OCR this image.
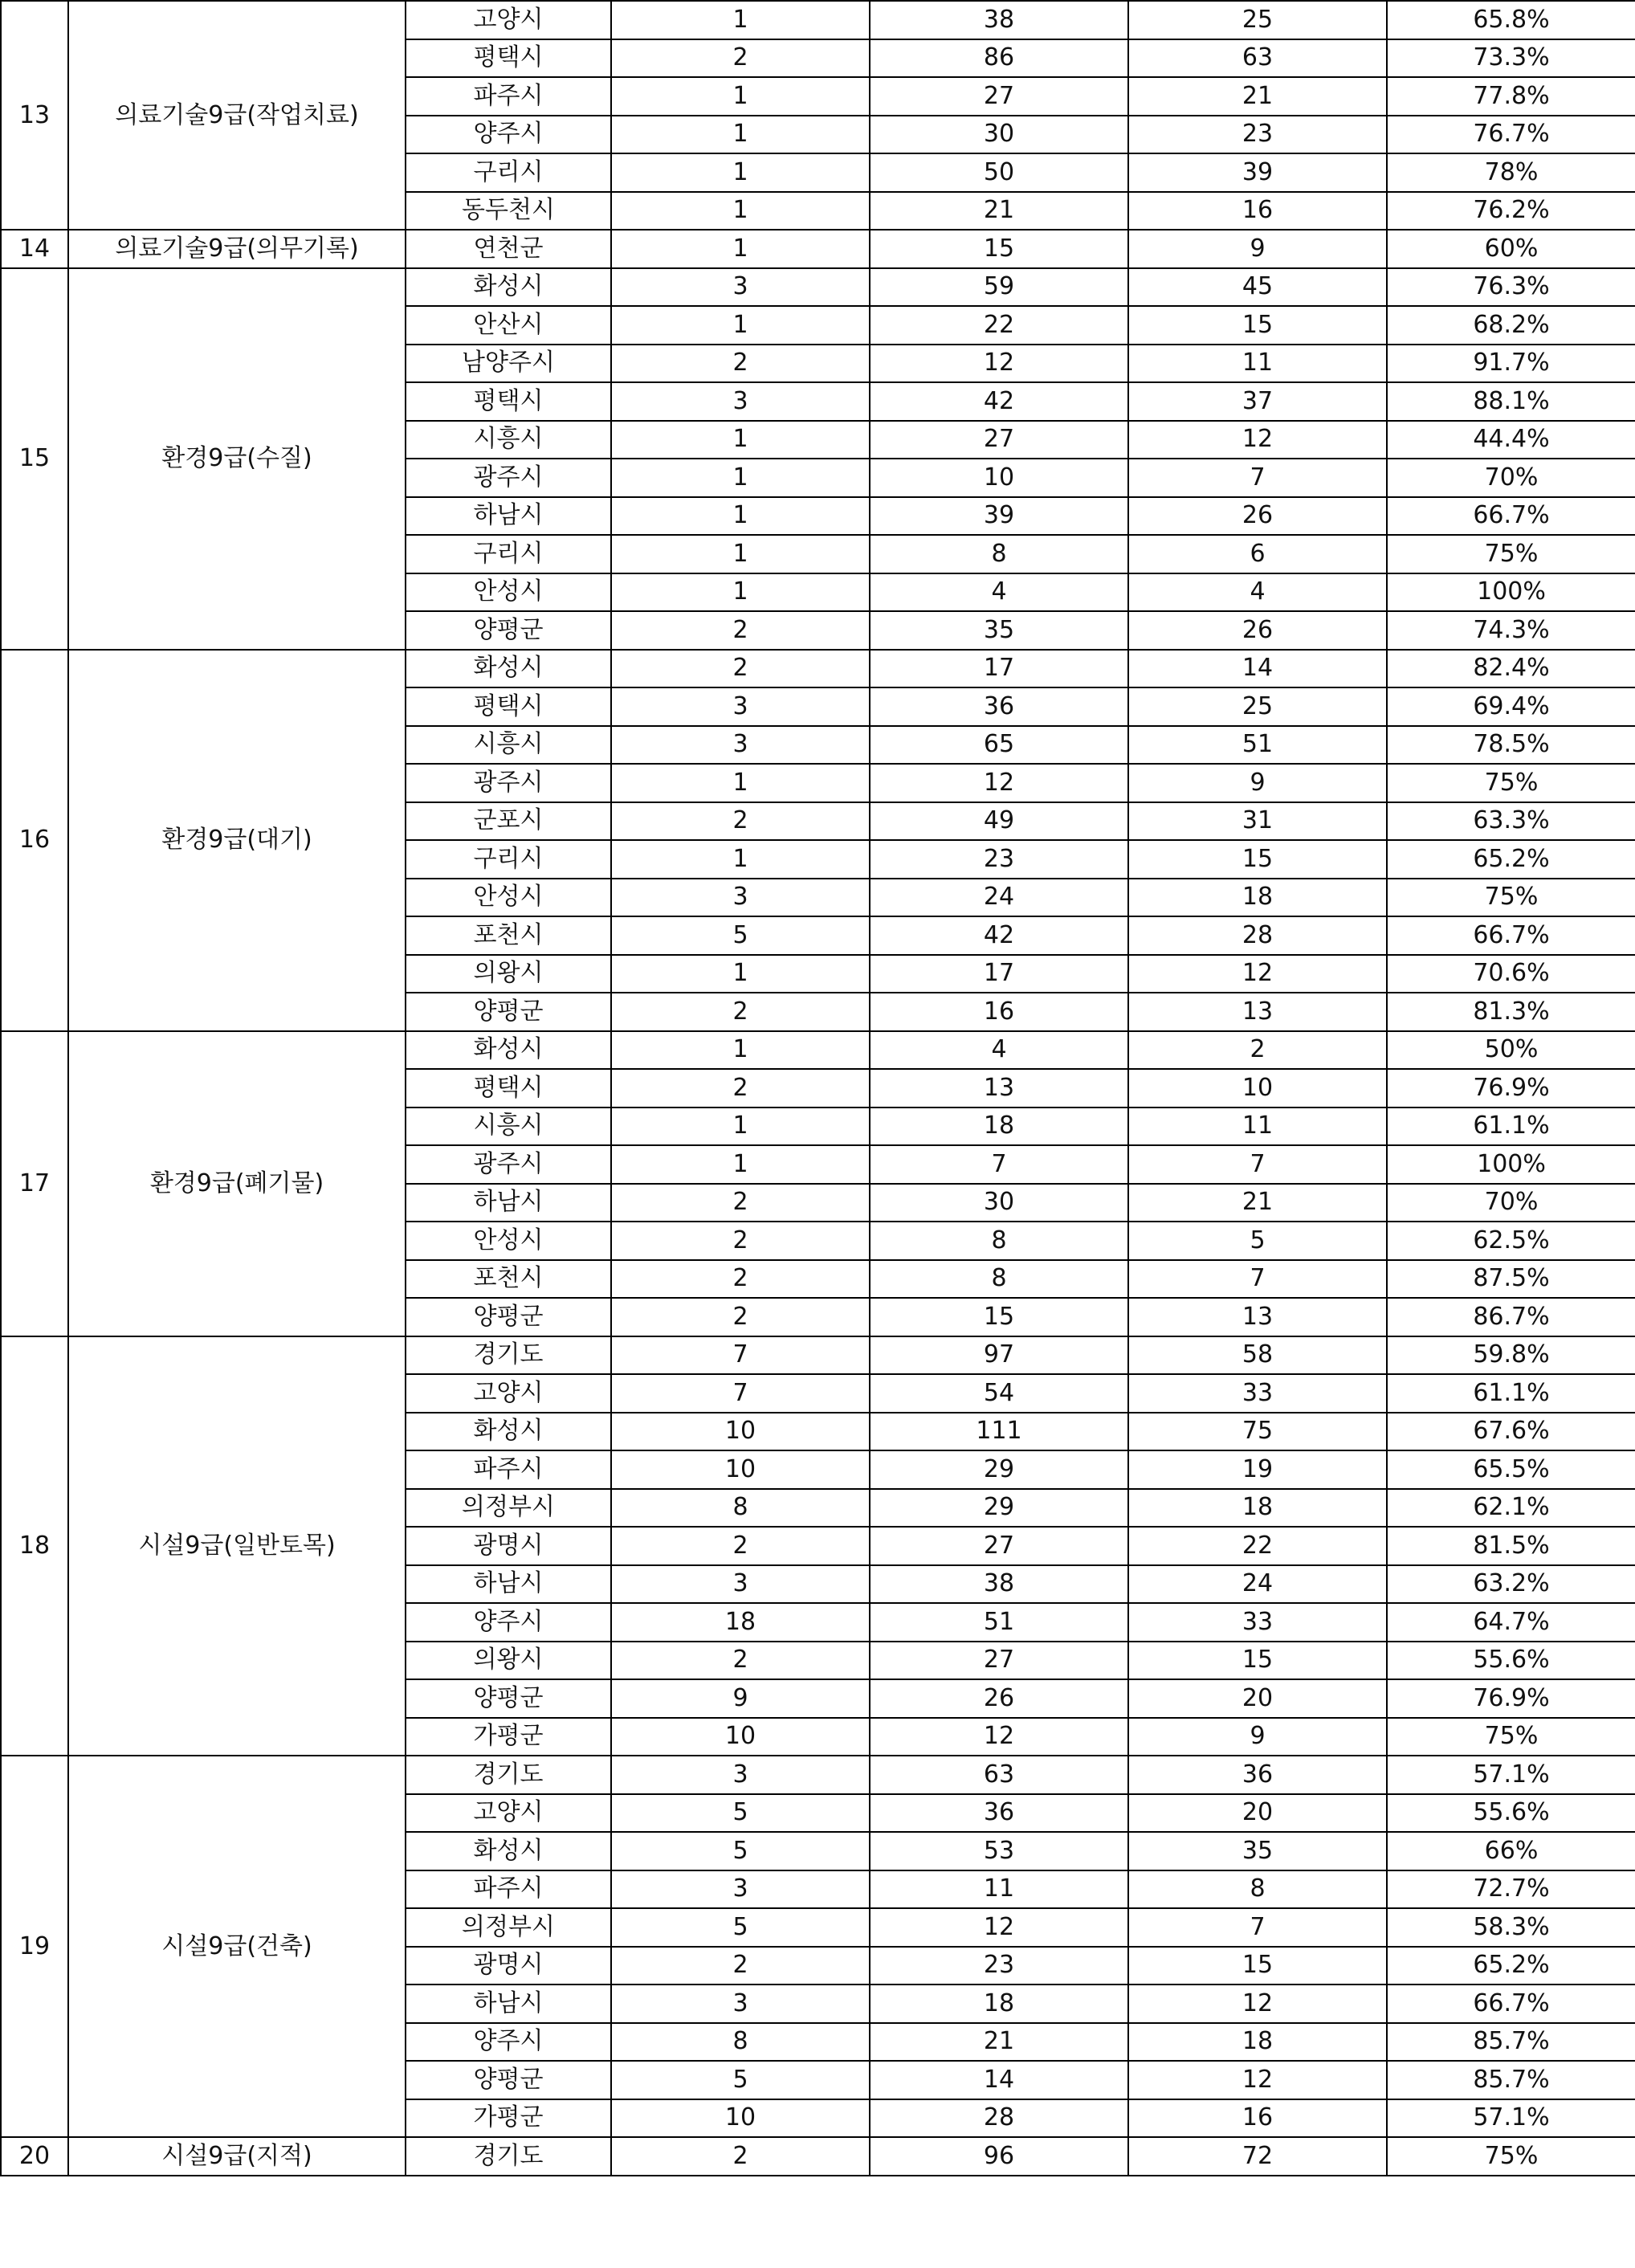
13	의료기술9급(작업치료)	고양시	1	38	25	65.8%
		평택시	2	86	63	73.3%
		파주시	1	27	21	77.8%
		양주시	1	30	23	76.7%
		구리시	1	50	39	78%
		동두천시	1	21	16	76.2%
14	의료기술9급(의무기록)	연천군	1	15	9	60%
15	환경9급(수질)	화성시	3	59	45	76.3%
		안산시	1	22	15	68.2%
		남양주시	2	12	11	91.7%
		평택시	3	42	37	88.1%
		시흥시	1	27	12	44.4%
		광주시	1	10	7	70%
		하남시	1	39	26	66.7%
		구리시	1	8	6	75%
		안성시	1	4	4	100%
		양평군	2	35	26	74.3%
16	환경9급(대기)	화성시	2	17	14	82.4%
		평택시	3	36	25	69.4%
		시흥시	3	65	51	78.5%
		광주시	1	12	9	75%
		군포시	2	49	31	63.3%
		구리시	1	23	15	65.2%
		안성시	3	24	18	75%
		포천시	5	42	28	66.7%
		의왕시	1	17	12	70.6%
		양평군	2	16	13	81.3%
17	환경9급(폐기물)	화성시	1	4	2	50%
		평택시	2	13	10	76.9%
		시흥시	1	18	11	61.1%
		광주시	1	7	7	100%
		하남시	2	30	21	70%
		안성시	2	8	5	62.5%
		포천시	2	8	7	87.5%
		양평군	2	15	13	86.7%
18	시설9급(일반토목)	경기도	7	97	58	59.8%
		고양시	7	54	33	61.1%
		화성시	10	111	75	67.6%
		파주시	10	29	19	65.5%
		의정부시	8	29	18	62.1%
		광명시	2	27	22	81.5%
		하남시	3	38	24	63.2%
		양주시	18	51	33	64.7%
		의왕시	2	27	15	55.6%
		양평군	9	26	20	76.9%
		가평군	10	12	9	75%
19	시설9급(건축)	경기도	3	63	36	57.1%
		고양시	5	36	20	55.6%
		화성시	5	53	35	66%
		파주시	3	11	8	72.7%
		의정부시	5	12	7	58.3%
		광명시	2	23	15	65.2%
		하남시	3	18	12	66.7%
		양주시	8	21	18	85.7%
		양평군	5	14	12	85.7%
		가평군	10	28	16	57.1%
20	시설9급(지적)	경기도	2	96	72	75%
